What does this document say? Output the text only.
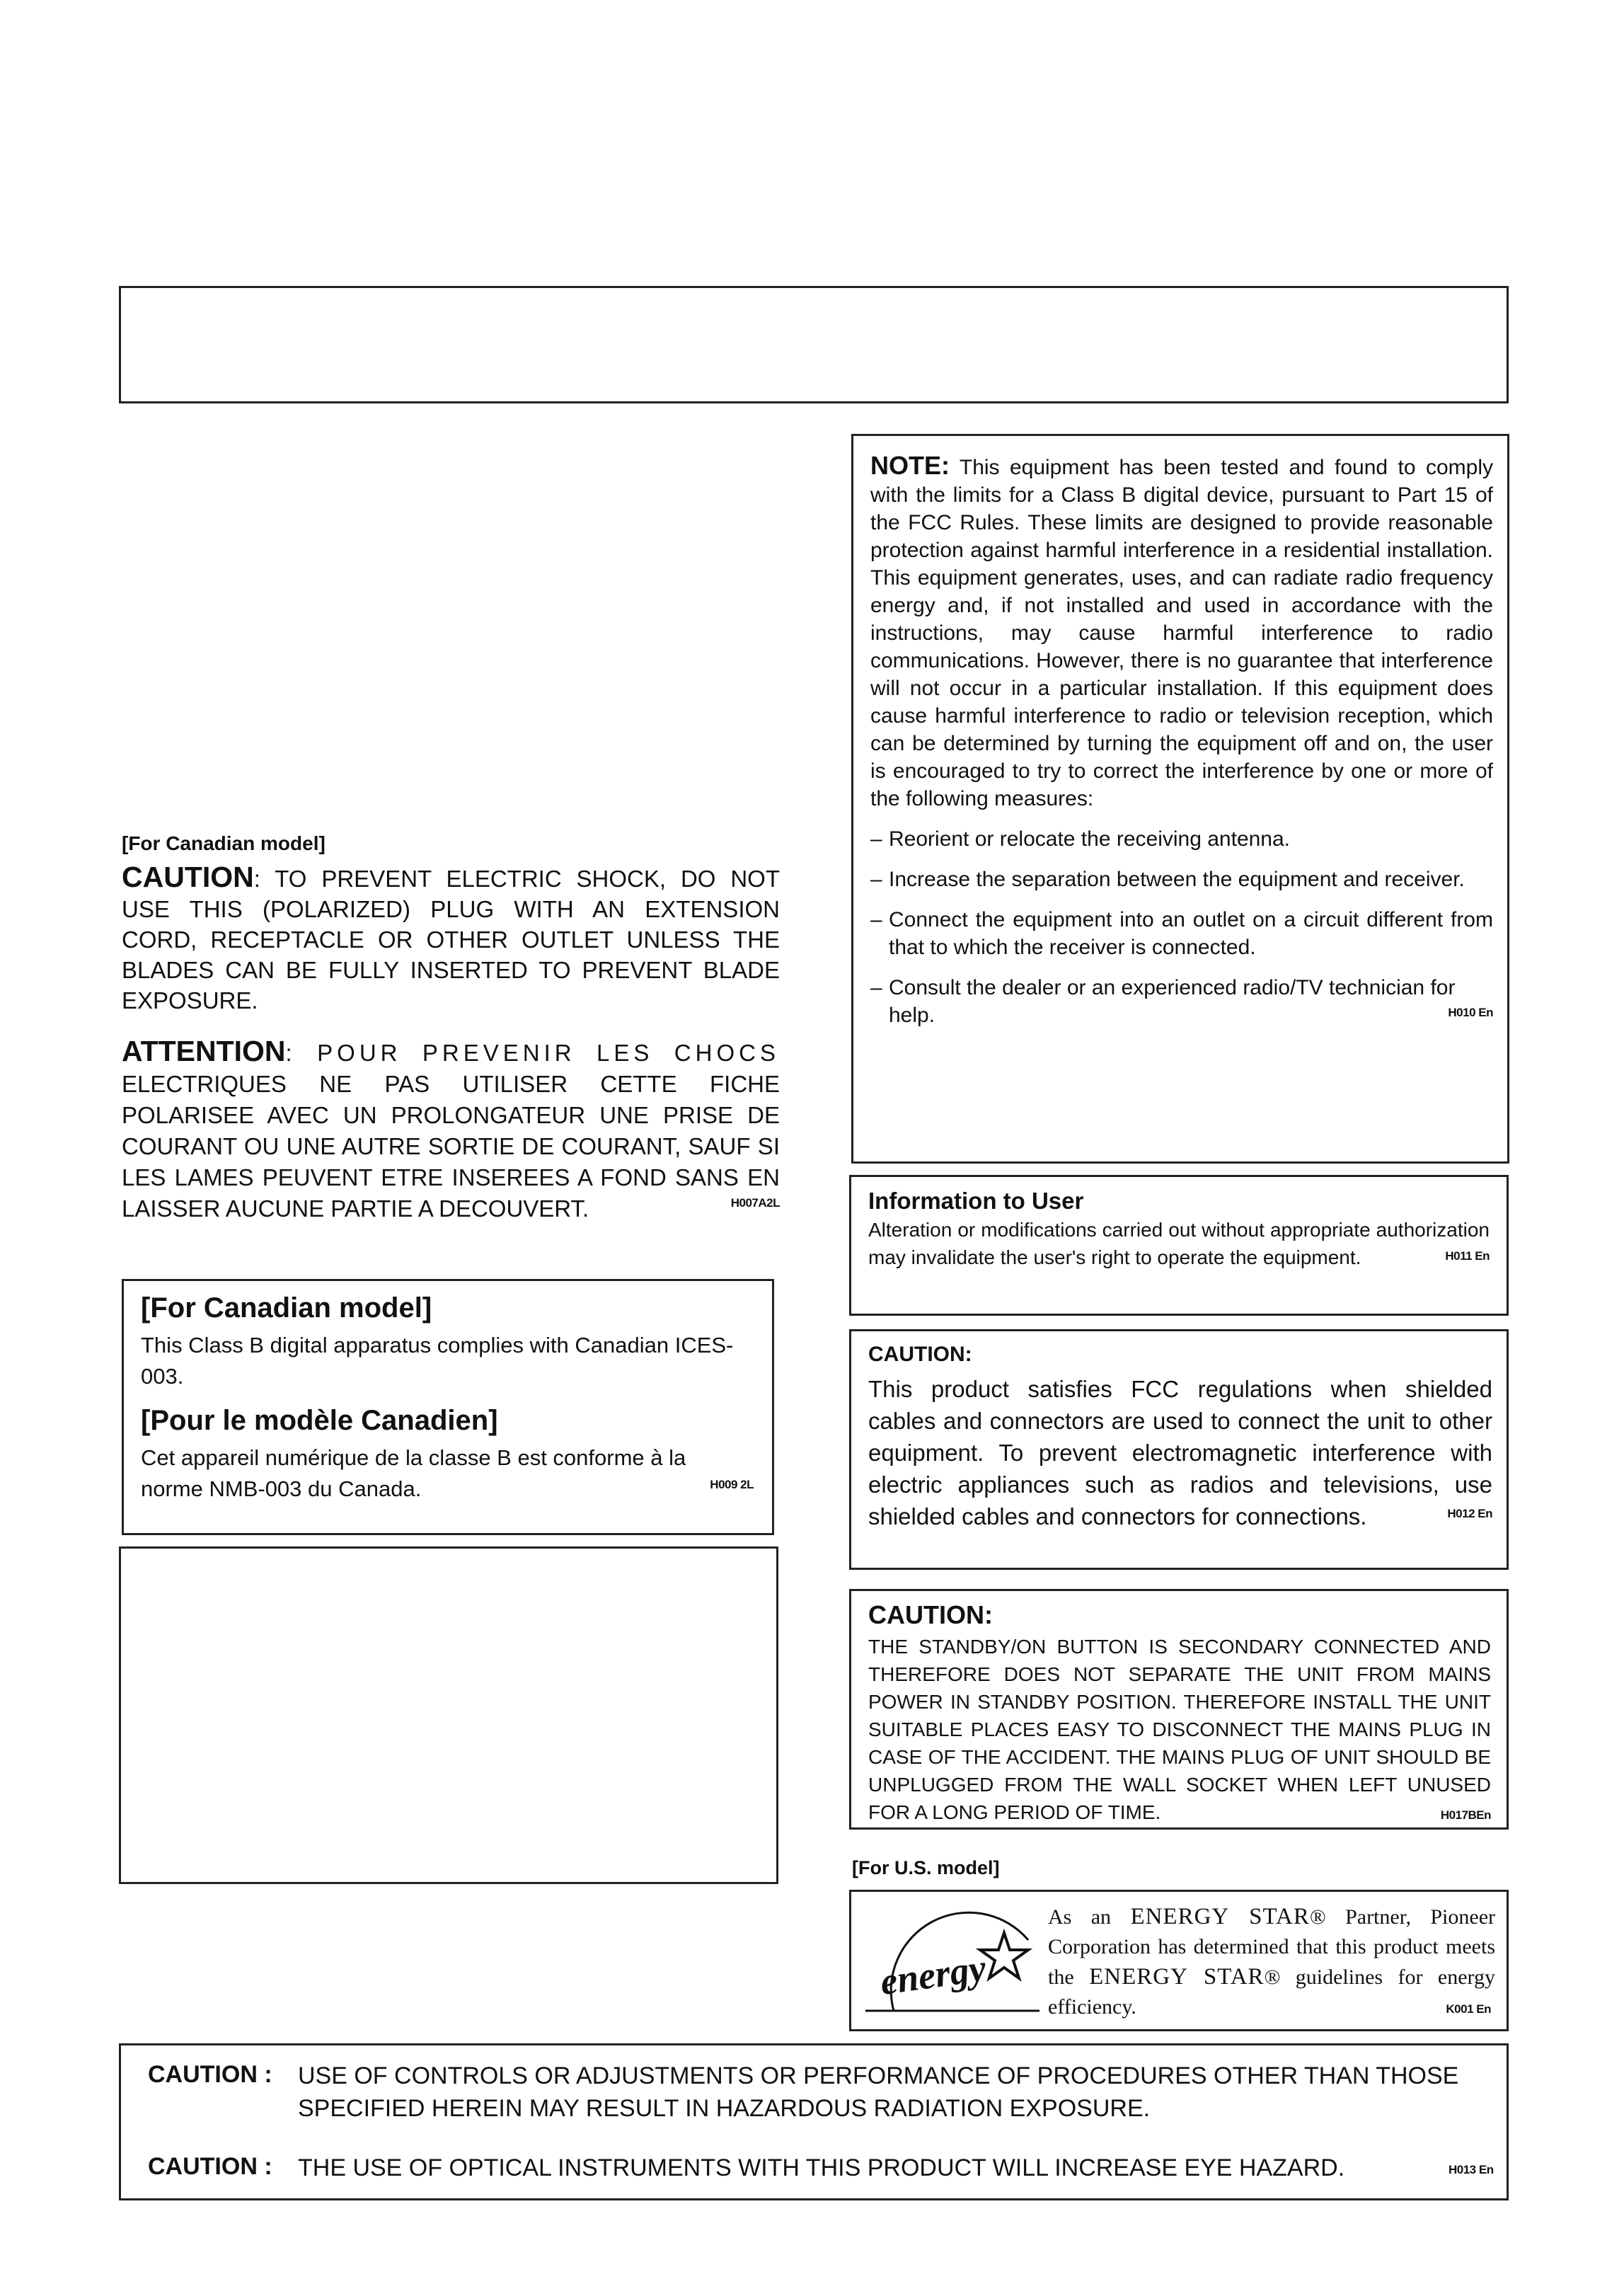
NOTE: This equipment has been tested and found to comply with the limits for a Class B digital device, pursuant to Part 15 of the FCC Rules. These limits are designed to provide reasonable protection against harmful interference in a residential installation. This equipment generates, uses, and can radiate radio frequency energy and, if not installed and used in accordance with the instructions, may cause harmful interference to radio communications. However, there is no guarantee that interference will not occur in a particular installation. If this equipment does cause harmful interference to radio or television reception, which can be determined by turning the equipment off and on, the user is encouraged to try to correct the interference by one or more of the following measures:
– Reorient or relocate the receiving antenna.
– Increase the separation between the equipment and receiver.
– Connect the equipment into an outlet on a circuit different from that to which the receiver is connected.
– Consult the dealer or an experienced radio/TV technician for help.	H010 En
[For Canadian model]
CAUTION: TO PREVENT ELECTRIC SHOCK, DO NOT USE THIS (POLARIZED) PLUG WITH AN EXTENSION CORD, RECEPTACLE OR OTHER OUTLET UNLESS THE BLADES CAN BE FULLY INSERTED TO PREVENT BLADE EXPOSURE.
ATTENTION: POUR PREVENIR LES CHOCS ELECTRIQUES NE PAS UTILISER CETTE FICHE POLARISEE AVEC UN PROLONGATEUR UNE PRISE DE COURANT OU UNE AUTRE SORTIE DE COURANT, SAUF SI LES LAMES PEUVENT ETRE INSEREES A FOND SANS EN LAISSER AUCUNE PARTIE A DECOUVERT.	H007A2L
[For Canadian model]

This Class B digital apparatus complies with Canadian ICES-003.

[Pour le modèle Canadien]

Cet appareil numérique de la classe B est conforme à la norme NMB-003 du Canada.	H009 2L

Information to User
Alteration or modifications carried out without appropriate authorization may invalidate the user's right to operate the equipment.	H011 En
CAUTION:
This product satisfies FCC regulations when shielded cables and connectors are used to connect the unit to other equipment. To prevent electromagnetic interference with electric appliances such as radios and televisions, use shielded cables and connectors for connections.	H012 En
CAUTION:
THE STANDBY/ON BUTTON IS SECONDARY CONNECTED AND THEREFORE DOES NOT SEPARATE THE UNIT FROM MAINS POWER IN STANDBY POSITION. THEREFORE INSTALL THE UNIT SUITABLE PLACES EASY TO DISCONNECT THE MAINS PLUG IN CASE OF THE ACCIDENT. THE MAINS PLUG OF UNIT SHOULD BE UNPLUGGED FROM THE WALL SOCKET WHEN LEFT UNUSED FOR A LONG PERIOD OF TIME.	H017BEn
[For U.S. model]
energy
As an ENERGY STAR® Partner, Pioneer Corporation has determined that this product meets the ENERGY STAR® guidelines for energy efficiency.	K001 En
CAUTION : USE OF CONTROLS OR ADJUSTMENTS OR PERFORMANCE OF PROCEDURES OTHER THAN THOSE
SPECIFIED HEREIN MAY RESULT IN HAZARDOUS RADIATION EXPOSURE.
CAUTION : THE USE OF OPTICAL INSTRUMENTS WITH THIS PRODUCT WILL INCREASE EYE HAZARD.	H013 En
